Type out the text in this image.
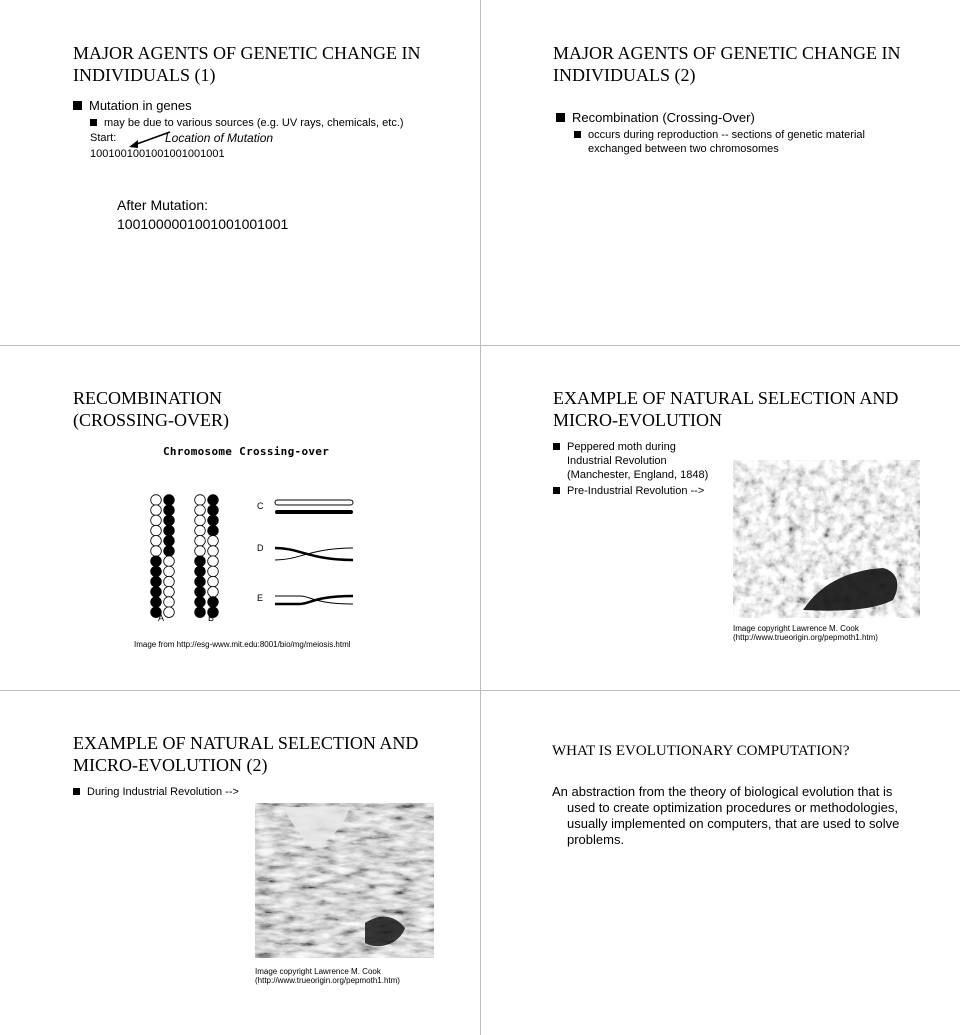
MAJOR AGENTS OF GENETIC CHANGE IN
INDIVIDUALS (1)
Mutation in genes
may be due to various sources (e.g. UV rays, chemicals, etc.)
Start:	Location of Mutation
1001001001001001001001
MAJOR AGENTS OF GENETIC CHANGE IN
INDIVIDUALS (2)
Recombination (Crossing-Over)
occurs during reproduction -- sections of genetic material
exchanged between two chromosomes
After Mutation:
1001000001001001001001
RECOMBINATION
(CROSSING-OVER)
Chromosome Crossing-over
C
D
E
A	B
Image from http://esg-www.mit.edu:8001/bio/mg/meiosis.html
EXAMPLE OF NATURAL SELECTION AND
MICRO-EVOLUTION
Peppered moth during
Industrial Revolution
(Manchester, England, 1848)
Pre-Industrial Revolution -->
Image copyright Lawrence M. Cook
(http://www.trueorigin.org/pepmoth1.htm)
EXAMPLE OF NATURAL SELECTION AND
MICRO-EVOLUTION (2)
During Industrial Revolution -->
Image copyright Lawrence M. Cook
(http://www.trueorigin.org/pepmoth1.htm)
WHAT IS EVOLUTIONARY COMPUTATION?
An abstraction from the theory of biological evolution that is
used to create optimization procedures or methodologies,
usually implemented on computers, that are used to solve
problems.
